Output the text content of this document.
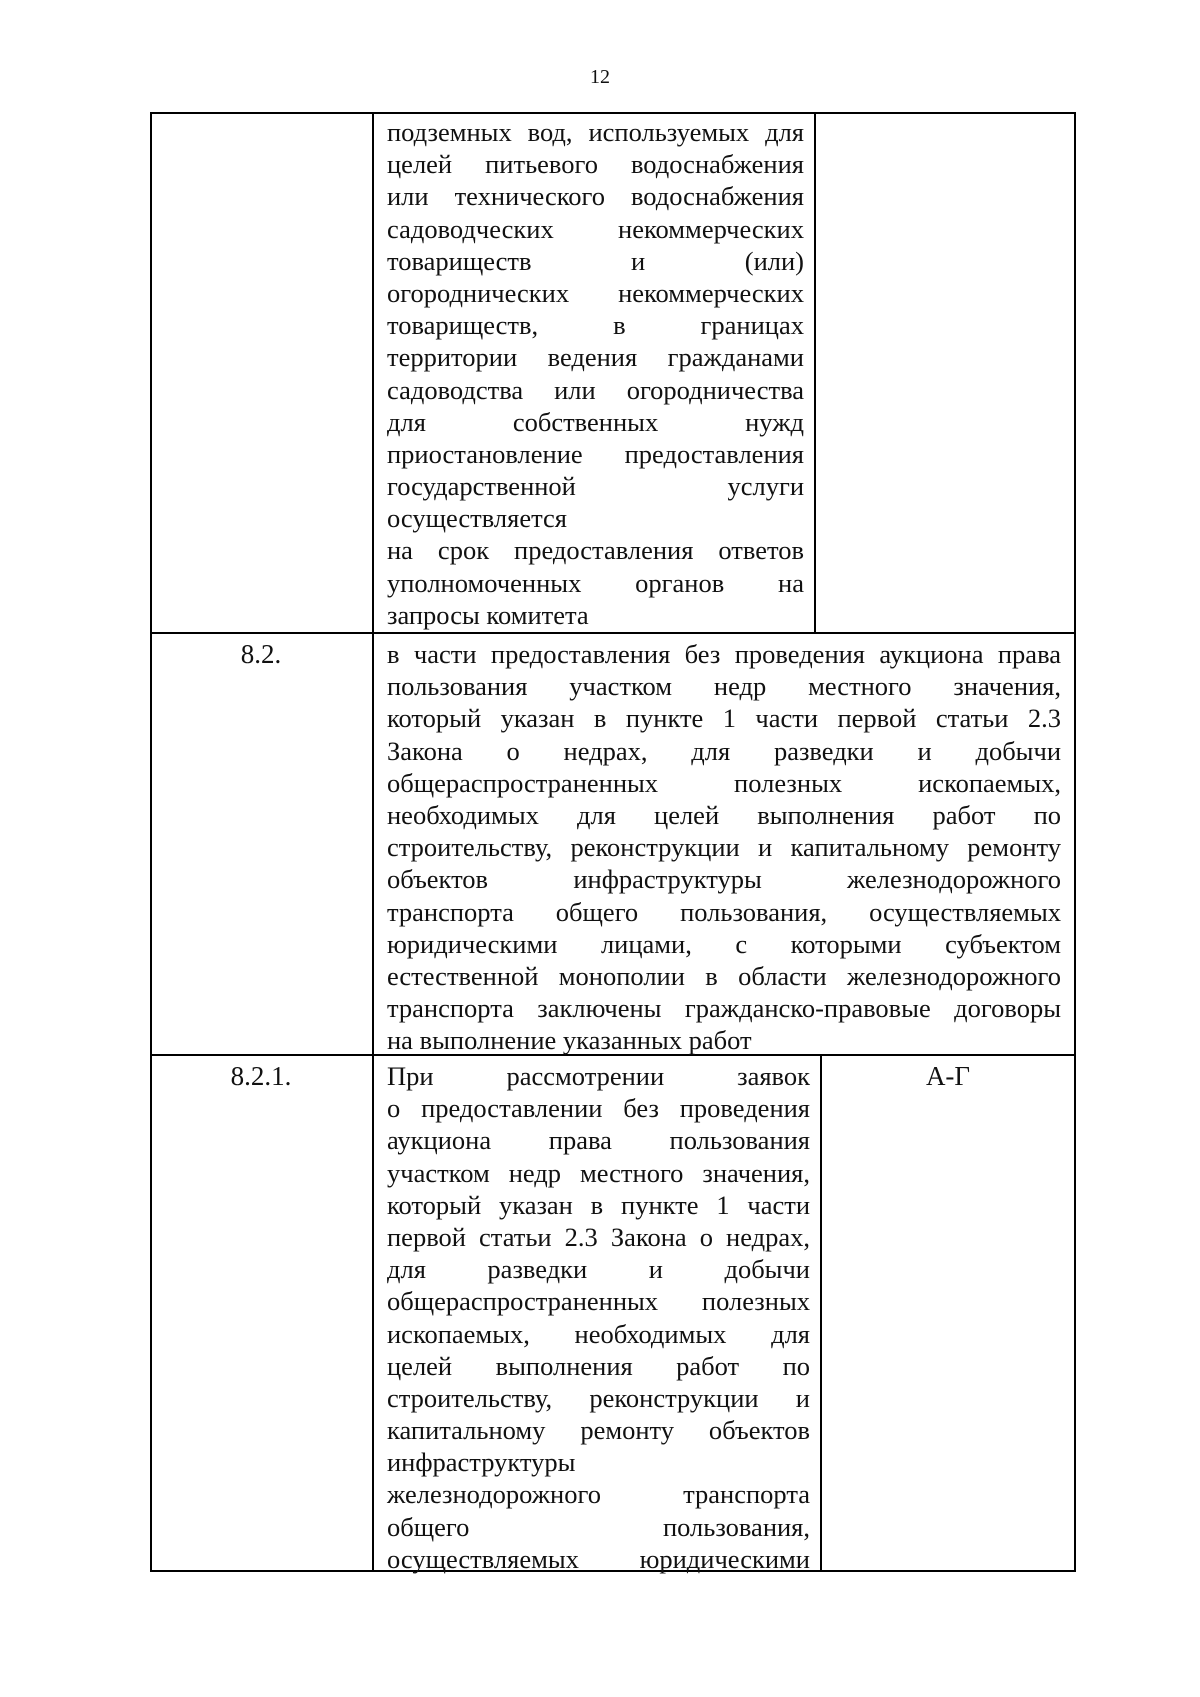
12
подземных вод, используемых для
целей питьевого водоснабжения
или технического водоснабжения
садоводческих некоммерческих
товариществ и (или)
огороднических некоммерческих
товариществ, в границах
территории ведения гражданами
садоводства или огородничества
для собственных нужд
приостановление предоставления
государственной услуги
осуществляется
на срок предоставления ответов
уполномоченных органов на
запросы комитета
8.2.	в части предоставления без проведения аукциона права
пользования участком недр местного значения,
который указан в пункте 1 части первой статьи 2.3
Закона о недрах, для разведки и добычи
общераспространенных полезных ископаемых,
необходимых для целей выполнения работ по
строительству, реконструкции и капитальному ремонту
объектов инфраструктуры железнодорожного
транспорта общего пользования, осуществляемых
юридическими лицами, с которыми субъектом
естественной монополии в области железнодорожного
транспорта заключены гражданско-правовые договоры
на выполнение указанных работ
8.2.1.	При рассмотрении заявок
о предоставлении без проведения
аукциона права пользования
участком недр местного значения,
который указан в пункте 1 части
первой статьи 2.3 Закона о недрах,
для разведки и добычи
общераспространенных полезных
ископаемых, необходимых для
целей выполнения работ по
строительству, реконструкции и
капитальному ремонту объектов
инфраструктуры
железнодорожного транспорта
общего пользования,
осуществляемых юридическими
А-Г
